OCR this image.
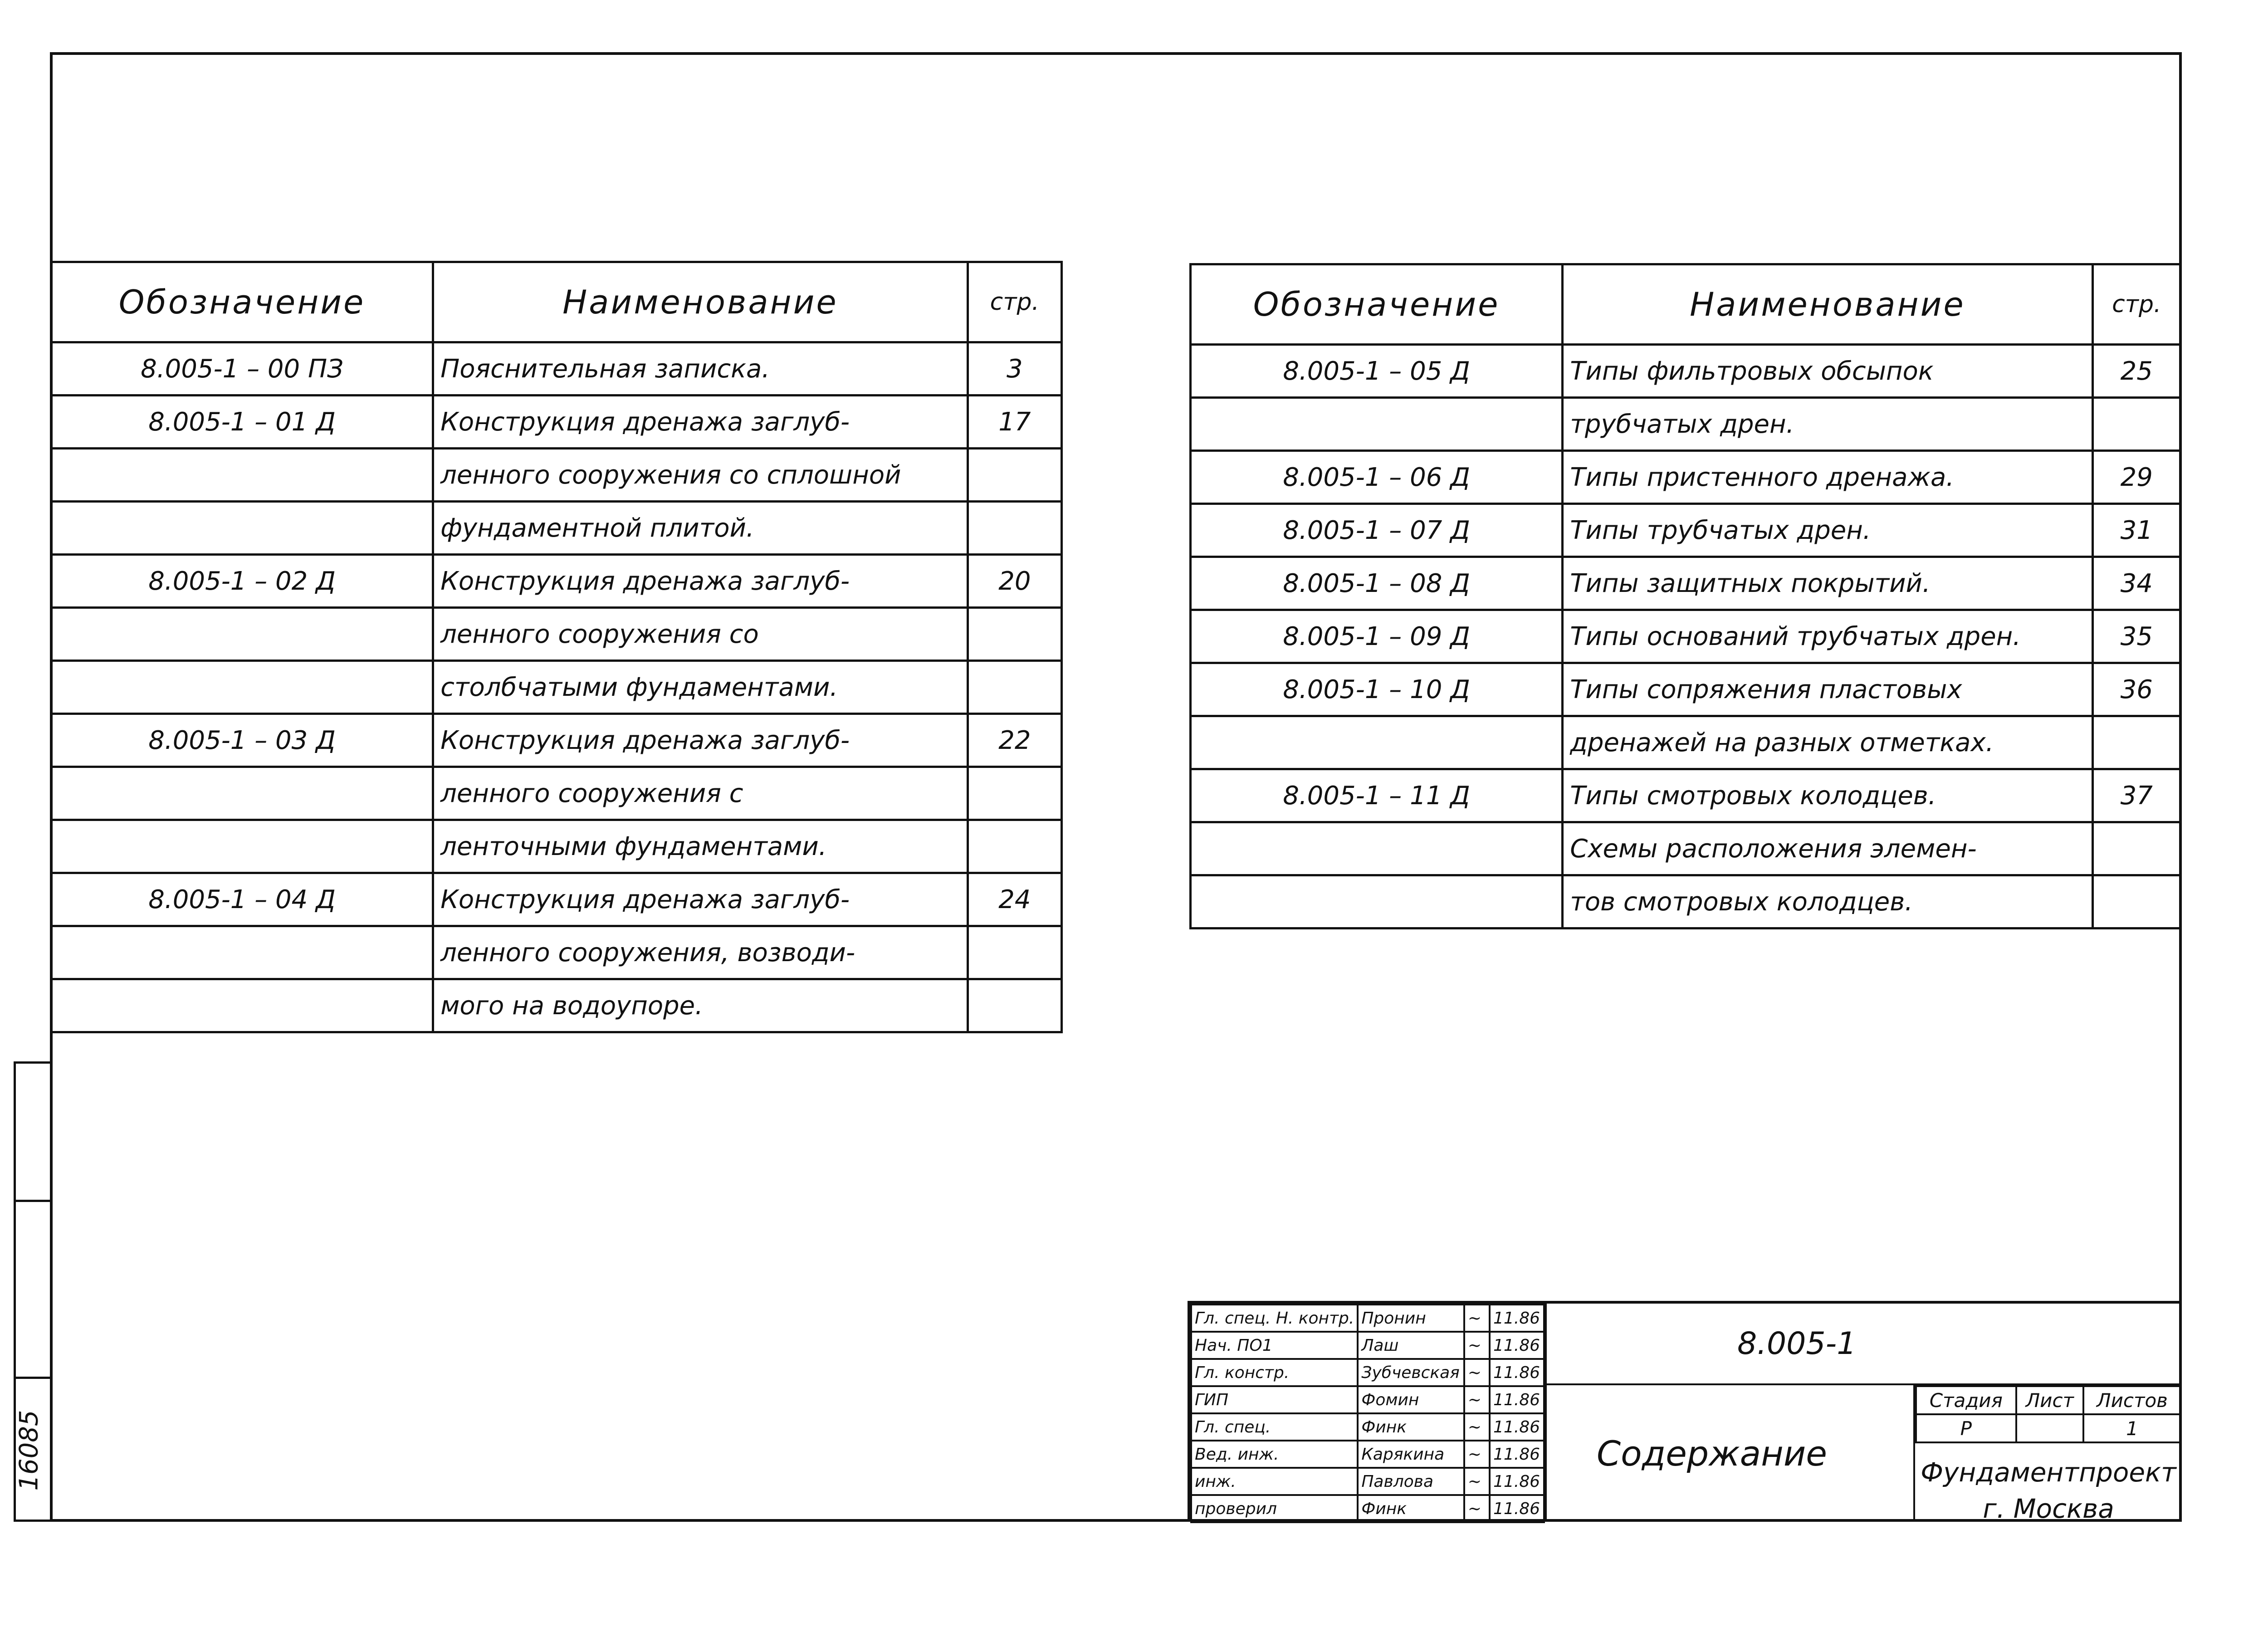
Обозначение	Наименование	стр.
8.005-1 – 00 ПЗ	Пояснительная записка.	3
8.005-1 – 01 Д	Конструкция дренажа заглуб-	17
	ленного сооружения со сплошной	
	фундаментной плитой.	
8.005-1 – 02 Д	Конструкция дренажа заглуб-	20
	ленного сооружения со	
	столбчатыми фундаментами.	
8.005-1 – 03 Д	Конструкция дренажа заглуб-	22
	ленного сооружения с	
	ленточными фундаментами.	
8.005-1 – 04 Д	Конструкция дренажа заглуб-	24
	ленного сооружения, возводи-	
	мого на водоупоре.	
Обозначение	Наименование	стр.
8.005-1 – 05 Д	Типы фильтровых обсыпок	25
	трубчатых дрен.	
8.005-1 – 06 Д	Типы пристенного дренажа.	29
8.005-1 – 07 Д	Типы трубчатых дрен.	31
8.005-1 – 08 Д	Типы защитных покрытий.	34
8.005-1 – 09 Д	Типы оснований трубчатых дрен.	35
8.005-1 – 10 Д	Типы сопряжения пластовых	36
	дренажей на разных отметках.	
8.005-1 – 11 Д	Типы смотровых колодцев.	37
	Схемы расположения элемен-	
	тов смотровых колодцев.	
Гл. спец. Н. контр.	Пронин	~	11.86
Нач. ПО1	Лаш	~	11.86
Гл. констр.	Зубчевская	~	11.86
ГИП	Фомин	~	11.86
Гл. спец.	Финк	~	11.86
Вед. инж.	Карякина	~	11.86
инж.	Павлова	~	11.86
проверил	Финк	~	11.86
8.005-1
Содержание
Стадия	Лист	Листов
Р		1
Фундаментпроект
г. Москва
16085
